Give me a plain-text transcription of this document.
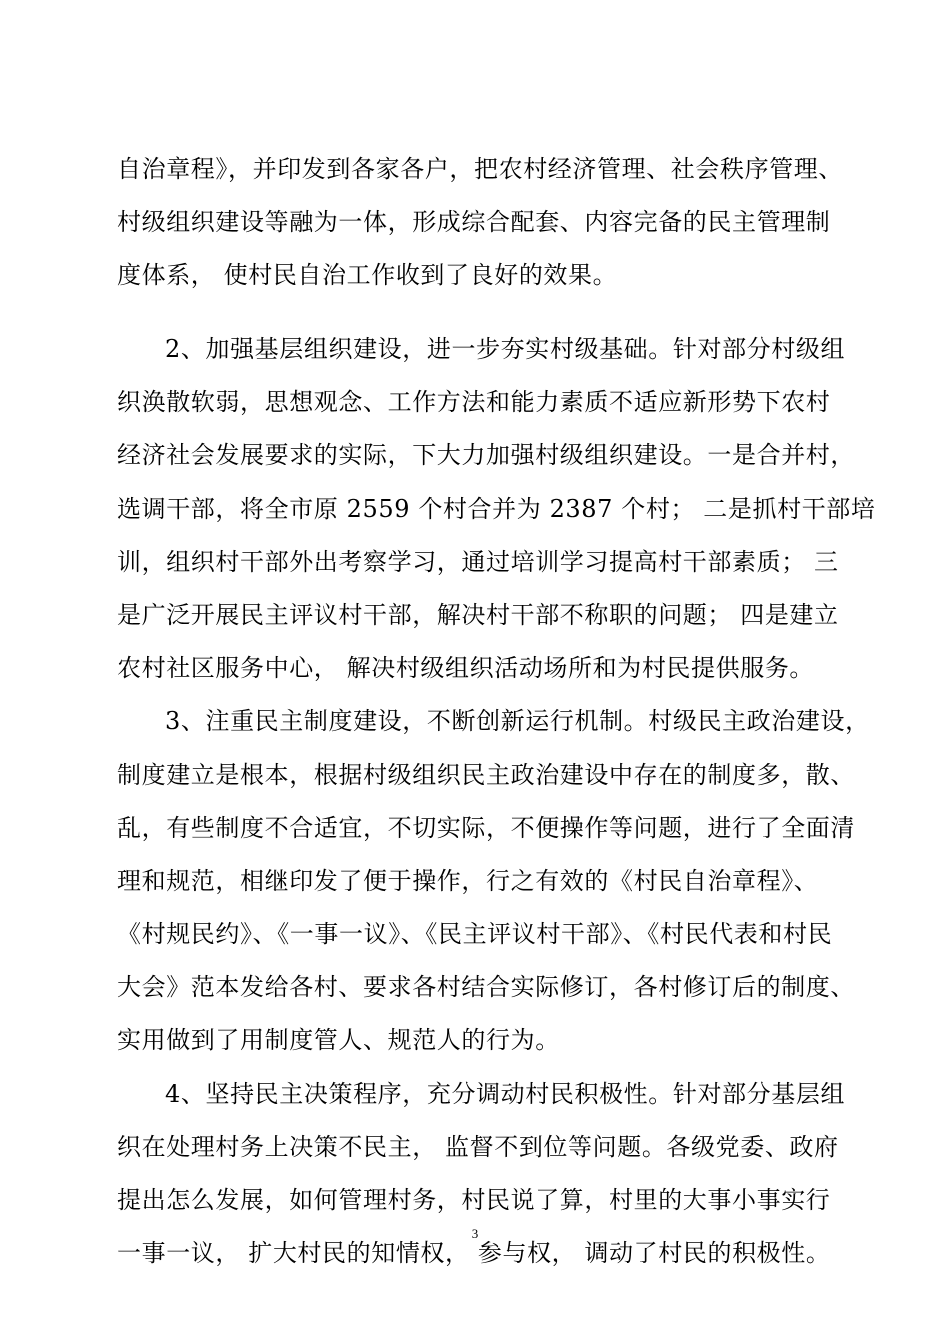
自治章程》，并印发到各家各户，把农村经济管理、社会秩序管理、
村级组织建设等融为一体，形成综合配套、内容完备的民主管理制
度体系， 使村民自治工作收到了良好的效果。
2、加强基层组织建设，进一步夯实村级基础。针对部分村级组
织涣散软弱，思想观念、工作方法和能力素质不适应新形势下农村
经济社会发展要求的实际，下大力加强村级组织建设。一是合并村，
选调干部，将全市原 2559 个村合并为 2387 个村； 二是抓村干部培
训，组织村干部外出考察学习，通过培训学习提高村干部素质； 三
是广泛开展民主评议村干部，解决村干部不称职的问题； 四是建立
农村社区服务中心， 解决村级组织活动场所和为村民提供服务。
3、注重民主制度建设，不断创新运行机制。村级民主政治建设，
制度建立是根本，根据村级组织民主政治建设中存在的制度多，散、
乱，有些制度不合适宜，不切实际，不便操作等问题，进行了全面清
理和规范，相继印发了便于操作，行之有效的《村民自治章程》、
《村规民约》、《一事一议》、《民主评议村干部》、《村民代表和村民
大会》范本发给各村、要求各村结合实际修订，各村修订后的制度、
实用做到了用制度管人、规范人的行为。
4、坚持民主决策程序，充分调动村民积极性。针对部分基层组
织在处理村务上决策不民主， 监督不到位等问题。各级党委、政府
提出怎么发展，如何管理村务，村民说了算，村里的大事小事实行
一事一议， 扩大村民的知情权， 参与权， 调动了村民的积极性。
3
